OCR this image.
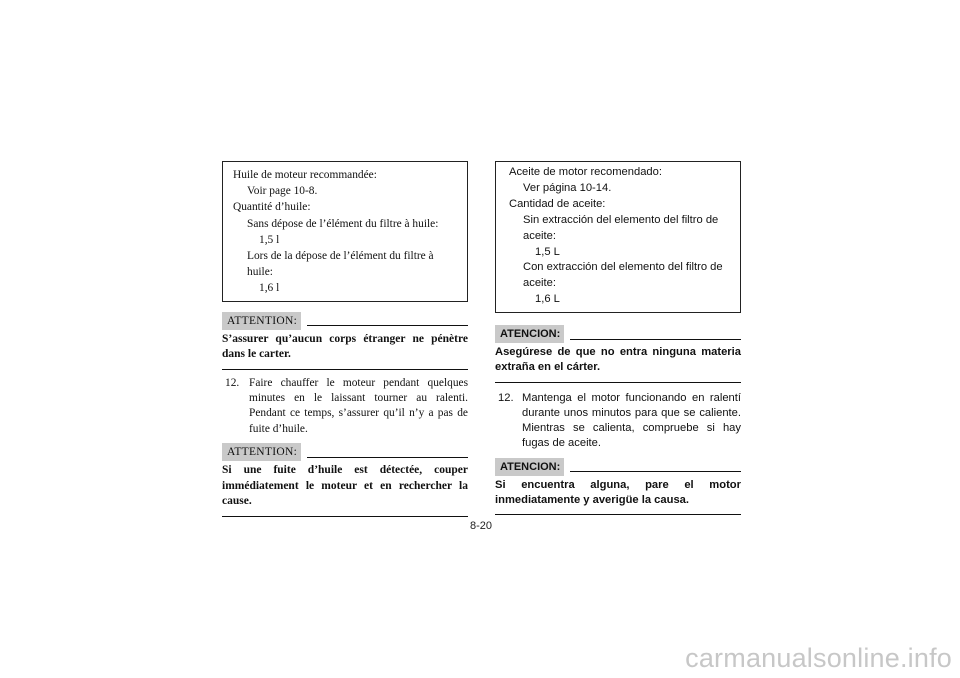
Huile de moteur recommandée:
Voir page 10-8.
Quantité d’huile:
Sans dépose de l’élément du filtre à huile:
1,5 l
Lors de la dépose de l’élément du filtre à huile:
1,6 l
ATTENTION:
S’assurer qu’aucun corps étranger ne pénètre dans le carter.
12. Faire chauffer le moteur pendant quelques minutes en le laissant tourner au ralenti. Pendant ce temps, s’assurer qu’il n’y a pas de fuite d’huile.
ATTENTION:
Si une fuite d’huile est détectée, couper immédiatement le moteur et en rechercher la cause.
Aceite de motor recomendado:
Ver página 10-14.
Cantidad de aceite:
Sin extracción del elemento del filtro de aceite:
1,5 L
Con extracción del elemento del filtro de aceite:
1,6 L
ATENCION:
Asegúrese de que no entra ninguna materia extraña en el cárter.
12. Mantenga el motor funcionando en ralentí durante unos minutos para que se caliente. Mientras se calienta, compruebe si hay fugas de aceite.
ATENCION:
Si encuentra alguna, pare el motor inmediatamente y averigüe la causa.
8-20
carmanualsonline.info
